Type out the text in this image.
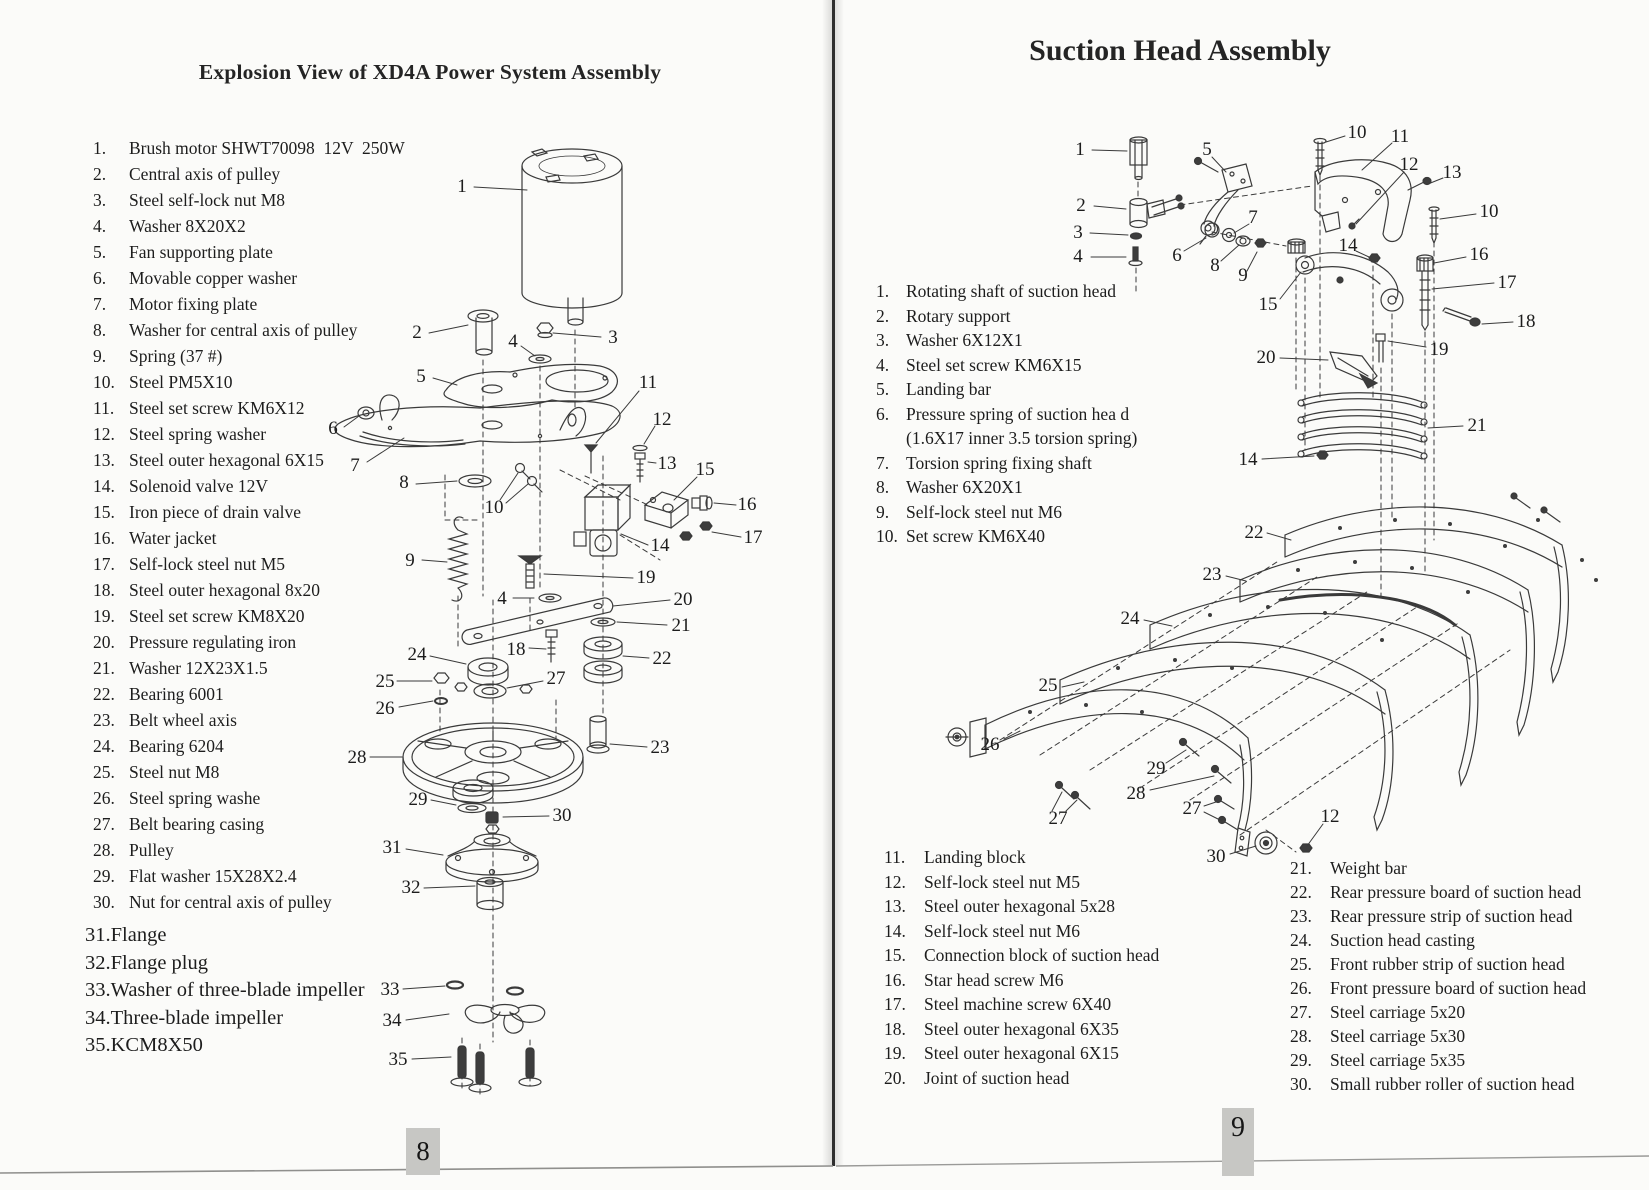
Explosion View of XD4A Power System Assembly
Suction Head Assembly
1.	Brush motor SHWT70098  12V  250W
2.	Central axis of pulley
3.	Steel self-lock nut M8
4.	Washer 8X20X2
5.	Fan supporting plate
6.	Movable copper washer
7.	Motor fixing plate
8.	Washer for central axis of pulley
9.	Spring (37 #)
10. Steel PM5X10
11. Steel set screw KM6X12
12. Steel spring washer
13. Steel outer hexagonal 6X15
14. Solenoid valve 12V
15. Iron piece of drain valve
16. Water jacket
17. Self-lock steel nut M5
18. Steel outer hexagonal 8x20
19. Steel set screw KM8X20
20. Pressure regulating iron
21. Washer 12X23X1.5
22. Bearing 6001
23. Belt wheel axis
24. Bearing 6204
25. Steel nut M8
26. Steel spring washe
27. Belt bearing casing
28. Pulley
29. Flat washer 15X28X2.4
30. Nut for central axis of pulley
31. Flange
32. Flange plug
33. Washer of three-blade impeller
34. Three-blade impeller
35. KCM8X50
1. Rotating shaft of suction head
2. Rotary support
3. Washer 6X12X1
4. Steel set screw KM6X15
5. Landing bar
6. Pressure spring of suction hea d
(1.6X17 inner 3.5 torsion spring)
7. Torsion spring fixing shaft
8. Washer 6X20X1
9. Self-lock steel nut M6
10. Set screw KM6X40
11.	Landing block
12.	Self-lock steel nut M5
13.	Steel outer hexagonal 5x28
14.	Self-lock steel nut M6
15.	Connection block of suction head
16.	Star head screw M6
17.	Steel machine screw 6X40
18.	Steel outer hexagonal 6X35
19.	Steel outer hexagonal 6X15
20.	Joint of suction head
21.	Weight bar
22.	Rear pressure board of suction head
23.	Rear pressure strip of suction head
24.	Suction head casting
25.	Front rubber strip of suction head
26.	Front pressure board of suction head
27.	Steel carriage 5x20
28.	Steel carriage 5x30
29.	Steel carriage 5x35
30.	Small rubber roller of suction head
1
2	3
4
5
6
7
8
9
10
11
12
13 15
16
14	17
19
4	20
21
18	22
24
25	27
26
23
28
29
30
31
32
33
34
35
1
2
3
4
5
6
7
8 9
10 11
12 13
10
14	16
15
17
18
20	19
14
21
22
23
24
25
26
27
29
28
27
30
12
8
9
